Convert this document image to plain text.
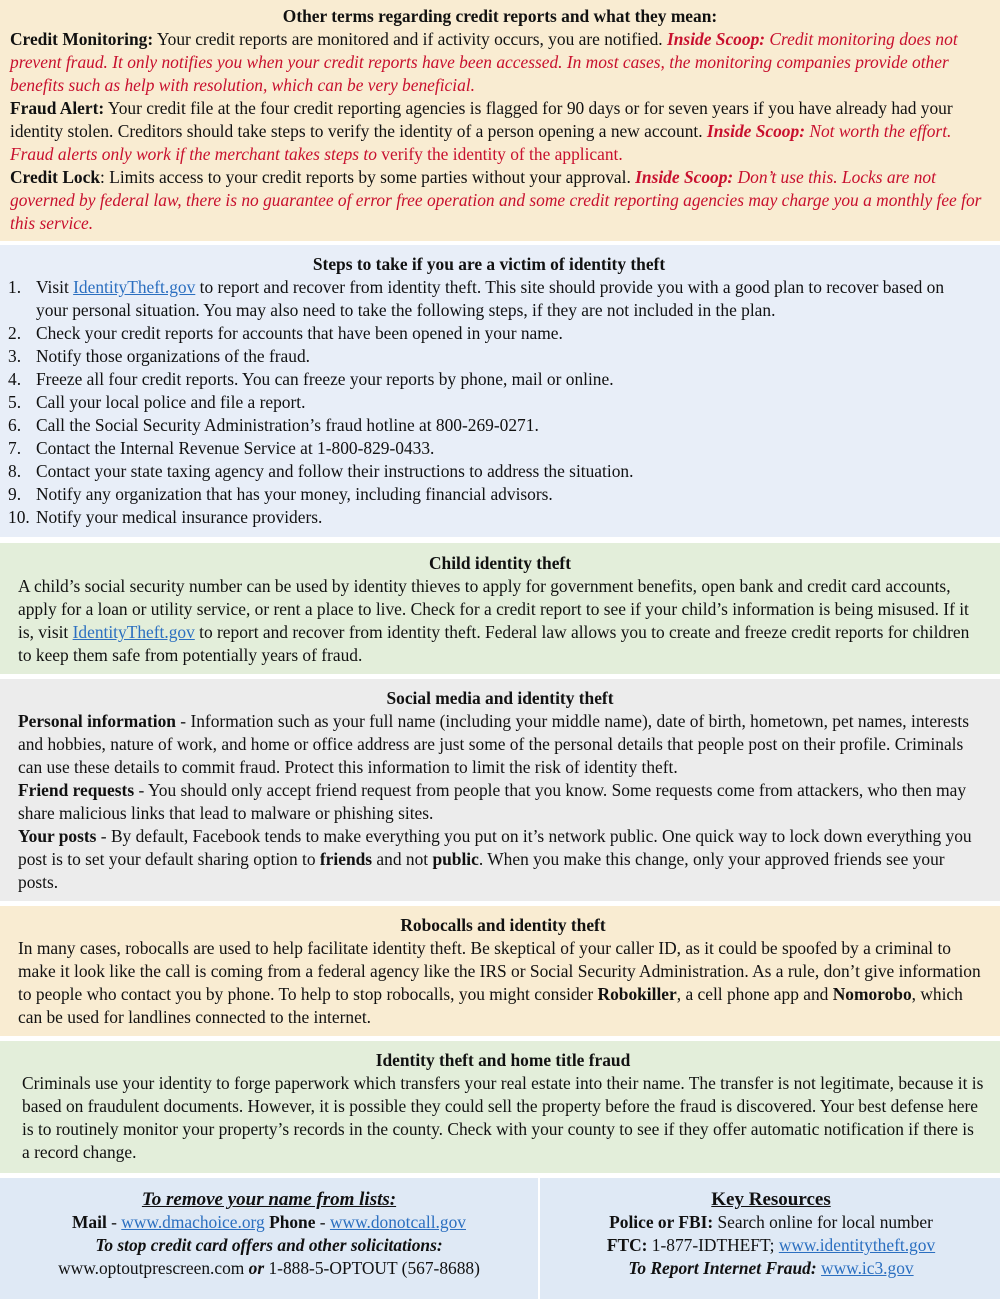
Other terms regarding credit reports and what they mean:

Credit Monitoring: Your credit reports are monitored and if activity occurs, you are notified. Inside Scoop: Credit monitoring does not prevent fraud. It only notifies you when your credit reports have been accessed. In most cases, the monitoring companies provide other benefits such as help with resolution, which can be very beneficial.

Fraud Alert: Your credit file at the four credit reporting agencies is flagged for 90 days or for seven years if you have already had your identity stolen. Creditors should take steps to verify the identity of a person opening a new account. Inside Scoop: Not worth the effort. Fraud alerts only work if the merchant takes steps to verify the identity of the applicant.

Credit Lock: Limits access to your credit reports by some parties without your approval. Inside Scoop: Don’t use this. Locks are not governed by federal law, there is no guarantee of error free operation and some credit reporting agencies may charge you a monthly fee for this service.

Steps to take if you are a victim of identity theft
1. Visit IdentityTheft.gov to report and recover from identity theft. This site should provide you with a good plan to recover based on your personal situation. You may also need to take the following steps, if they are not included in the plan.
2. Check your credit reports for accounts that have been opened in your name.
3. Notify those organizations of the fraud.
4. Freeze all four credit reports. You can freeze your reports by phone, mail or online.
5. Call your local police and file a report.
6. Call the Social Security Administration’s fraud hotline at 800-269-0271.
7. Contact the Internal Revenue Service at 1-800-829-0433.
8. Contact your state taxing agency and follow their instructions to address the situation.
9. Notify any organization that has your money, including financial advisors.
10. Notify your medical insurance providers.
Child identity theft

A child’s social security number can be used by identity thieves to apply for government benefits, open bank and credit card accounts, apply for a loan or utility service, or rent a place to live. Check for a credit report to see if your child’s information is being misused. If it is, visit IdentityTheft.gov to report and recover from identity theft. Federal law allows you to create and freeze credit reports for children to keep them safe from potentially years of fraud.

Social media and identity theft

Personal information - Information such as your full name (including your middle name), date of birth, hometown, pet names, interests and hobbies, nature of work, and home or office address are just some of the personal details that people post on their profile. Criminals can use these details to commit fraud. Protect this information to limit the risk of identity theft.

Friend requests - You should only accept friend request from people that you know. Some requests come from attackers, who then may share malicious links that lead to malware or phishing sites.

Your posts - By default, Facebook tends to make everything you put on it’s network public. One quick way to lock down everything you post is to set your default sharing option to friends and not public. When you make this change, only your approved friends see your posts.

Robocalls and identity theft

In many cases, robocalls are used to help facilitate identity theft. Be skeptical of your caller ID, as it could be spoofed by a criminal to make it look like the call is coming from a federal agency like the IRS or Social Security Administration. As a rule, don’t give information to people who contact you by phone. To help to stop robocalls, you might consider Robokiller, a cell phone app and Nomorobo, which can be used for landlines connected to the internet.

Identity theft and home title fraud

Criminals use your identity to forge paperwork which transfers your real estate into their name. The transfer is not legitimate, because it is based on fraudulent documents. However, it is possible they could sell the property before the fraud is discovered. Your best defense here is to routinely monitor your property’s records in the county. Check with your county to see if they offer automatic notification if there is a record change.

To remove your name from lists:
Mail - www.dmachoice.org Phone - www.donotcall.gov
To stop credit card offers and other solicitations:
www.optoutprescreen.com or 1-888-5-OPTOUT (567-8688)
Key Resources
Police or FBI: Search online for local number
FTC: 1-877-IDTHEFT; www.identitytheft.gov
To Report Internet Fraud: www.ic3.gov
